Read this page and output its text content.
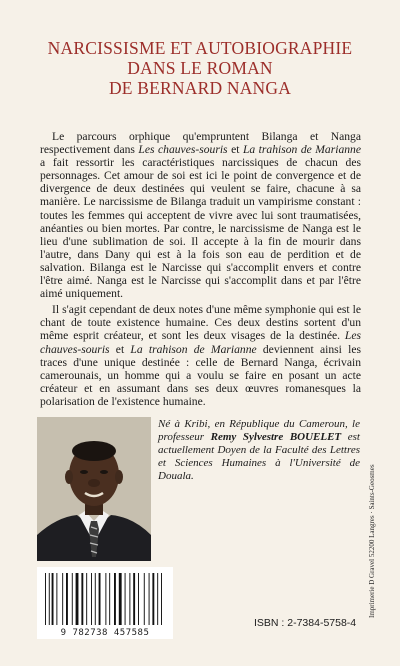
NARCISSISME ET AUTOBIOGRAPHIE
DANS LE ROMAN
DE BERNARD NANGA

Le parcours orphique qu'empruntent Bilanga et Nanga respectivement dans Les chauves-souris et La trahison de Marianne a fait ressortir les caractéristiques narcissiques de chacun des personnages. Cet amour de soi est ici le point de convergence et de divergence de deux destinées qui veulent se faire, chacune à sa manière. Le narcissisme de Bilanga traduit un vampirisme constant : toutes les femmes qui acceptent de vivre avec lui sont traumatisées, anéanties ou bien mortes. Par contre, le narcissisme de Nanga est le lieu d'une sublimation de soi. Il accepte à la fin de mourir dans l'autre, dans Dany qui est à la fois son eau de perdition et de salvation. Bilanga est le Narcisse qui s'accomplit envers et contre l'être aimé. Nanga est le Narcisse qui s'accomplit dans et par l'être aimé uniquement.

Il s'agit cependant de deux notes d'une même symphonie qui est le chant de toute existence humaine. Ces deux destins sortent d'un même esprit créateur, et sont les deux visages de la destinée. Les chauves-souris et La trahison de Marianne deviennent ainsi les traces d'une unique destinée : celle de Bernard Nanga, écrivain camerounais, un homme qui a voulu se faire en posant un acte créateur et en assumant dans ses deux œuvres romanesques la polarisation de l'existence humaine.

Né à Kribi, en République du Cameroun, le professeur Remy Sylvestre BOUELET est actuellement Doyen de la Faculté des Lettres et Sciences Humaines à l'Université de Douala.	Imprimerie D Gravel 52200 Langres · Saints-Geosmes
9 782738 457585
ISBN : 2-7384-5758-4
